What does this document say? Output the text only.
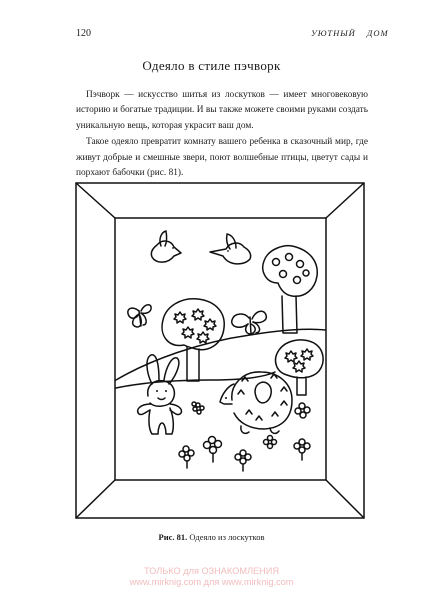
120	УЮТНЫЙ ДОМ
Одеяло в стиле пэчворк

Пэчворк — искусство шитья из лоскутков — имеет многовековую историю и богатые традиции. И вы также можете своими руками создать уникальную вещь, которая украсит ваш дом.

Такое одеяло превратит комнату вашего ребенка в сказочный мир, где живут добрые и смешные звери, поют волшебные птицы, цветут сады и порхают бабочки (рис. 81).

Рис. 81. Одеяло из лоскутков
ТОЛЬКО для ОЗНАКОМЛЕНИЯ
www.mirknig.com для www.mirknig.com
